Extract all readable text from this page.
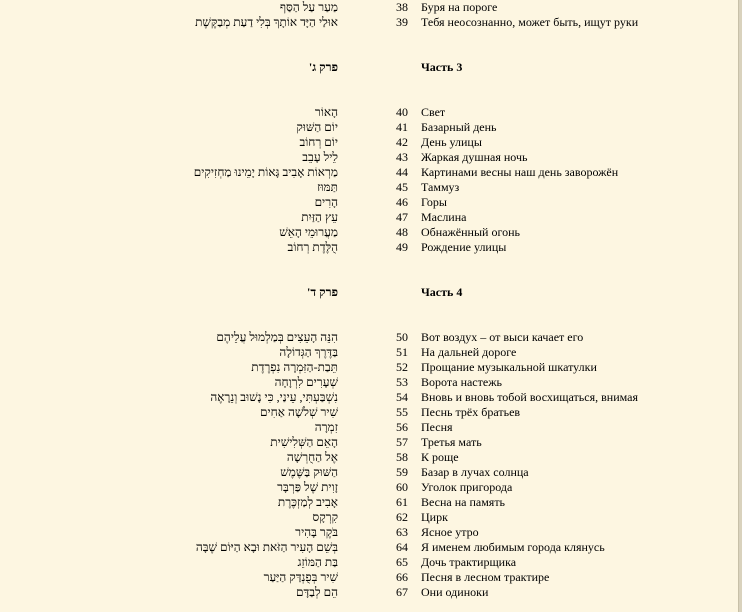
מַעַר עַל הַסַּף	38 Буря на пороге
אוּלַי הַיָּד אוֹתָךְ בְּלִי דַעַת מְבַקֶּשֶׁת	39 Тебя неосознанно, может быть, ищут руки
פרק ג'	Часть 3
הָאוֹר	40 Свет
יוֹם הַשּׁוּק	41 Базарный день
יוֹם רְחוֹב	42 День улицы
לֵיל עָבֵב	43 Жаркая душная ночь
מַרְאוֹת אָבִיב גָּאוֹת יָמֵינוּ מַחְזִיקִים	44 Картинами весны наш день заворожён
תַּמּוּז	45 Таммуз
הָרִים	46 Горы
עֵץ הַזַּיִת	47 Маслина
מַעֲרוּמֵי הָאֵשׁ	48 Обнажённый огонь
הֻלֶּדֶת רְחוֹב	49 Рождение улицы
פרק ד'	Часть 4
הִנֵּה הָעֵצִים בְּמַלְמוּל עֲלֵיהֶם	50 Вот воздух – от выси качает его
בַּדֶּרֶךְ הַגְּדוֹלָה	51 На дальней дороге
תֵּבַת-הַזִּמְרָה נִפְרֶדֶת	52 Прощание музыкальной шкатулки
שְׁעָרִים לִרְוָחָה	53 Ворота настежь
נִשְׁבַּעְתִּי, עֵינַי, כִּי נָשׁוּב וְנֵרָאֶה	54 Вновь и вновь тобой восхищаться, внимая
שִׁיר שְׁלֹשָׁה אַחִים	55 Песнь трёх братьев
זִמְרָה	56 Песня
הָאֵם הַשְּׁלִישִׁית	57 Третья мать
אֶל הַחֻרְשָׁה	58 К роще
הַשּׁוּק בַּשֶּׁמֶשׁ	59 Базар в лучах солнца
זָוִית שֶׁל פַּרְבָּר	60 Уголок пригорода
אָבִיב לְמַזְכֶּרֶת	61 Весна на память
קִרְקָס	62 Цирк
בֹּקֶר בָּהִיר	63 Ясное утро
בְּשֵׁם הָעִיר הַזֹּאת וּבָא הַיּוֹם שֶׁבָּה	64 Я именем любимым города клянусь
בַּת הַמּוֹזֵג	65 Дочь трактирщика
שִׁיר בְּפֻנְדַּק הַיַּעַר	66 Песня в лесном трактире
הֵם לְבַדָּם	67 Они одиноки
